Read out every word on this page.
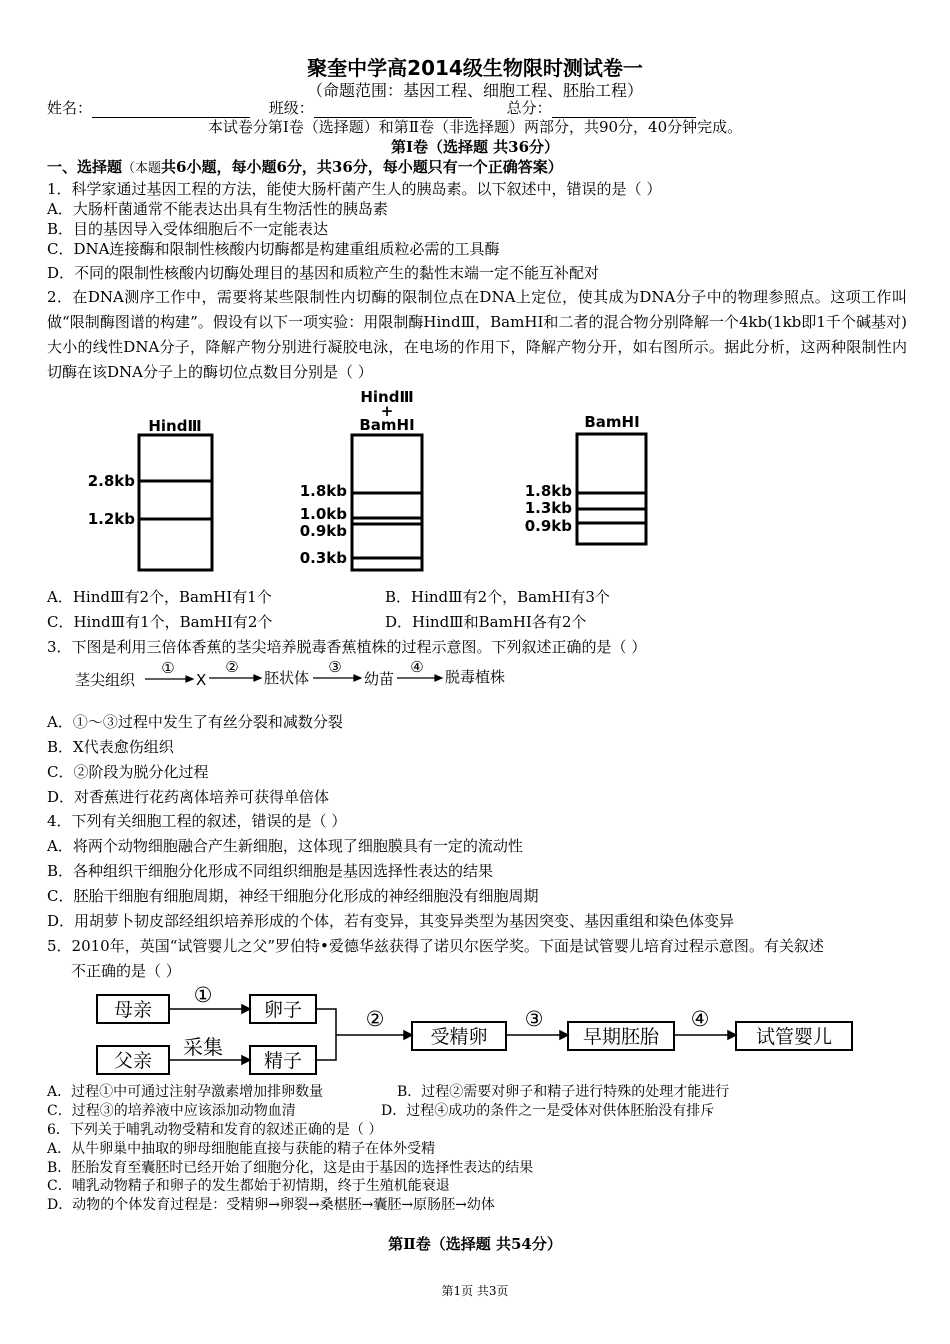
聚奎中学高2014级生物限时测试卷一
（命题范围：基因工程、细胞工程、胚胎工程）
姓名：	班级：	总分：
本试卷分第Ⅰ卷（选择题）和第Ⅱ卷（非选择题）两部分，共90分，40分钟完成。
第Ⅰ卷（选择题 共36分）
一、选择题（本题共6小题，每小题6分，共36分，每小题只有一个正确答案）
1．科学家通过基因工程的方法，能使大肠杆菌产生人的胰岛素。以下叙述中，错误的是（ ）
A．大肠杆菌通常不能表达出具有生物活性的胰岛素
B．目的基因导入受体细胞后不一定能表达
C．DNA连接酶和限制性核酸内切酶都是构建重组质粒必需的工具酶
D．不同的限制性核酸内切酶处理目的基因和质粒产生的黏性末端一定不能互补配对
2．在DNA测序工作中，需要将某些限制性内切酶的限制位点在DNA上定位，使其成为DNA分子中的物理参照点。这项工作叫做“限制酶图谱的构建”。假设有以下一项实验：用限制酶HindⅢ，BamHⅠ和二者的混合物分别降解一个4kb(1kb即1千个碱基对)大小的线性DNA分子，降解产物分别进行凝胶电泳，在电场的作用下，降解产物分开，如右图所示。据此分析，这两种限制性内切酶在该DNA分子上的酶切位点数目分别是（ ）
HindⅢ
HindⅢ
+
BamHI	BamHI
2.8kb
1.2kb
1.8kb
1.0kb
0.9kb
0.3kb
1.8kb
1.3kb
0.9kb
A．HindⅢ有2个，BamHⅠ有1个	B．HindⅢ有2个，BamHⅠ有3个
C．HindⅢ有1个，BamHⅠ有2个	D．HindⅢ和BamHⅠ各有2个
3．下图是利用三倍体香蕉的茎尖培养脱毒香蕉植株的过程示意图。下列叙述正确的是（ ）
茎尖组织	X	胚状体	幼苗	脱毒植株
①	②	③	④
A．①～③过程中发生了有丝分裂和减数分裂
B．X代表愈伤组织
C．②阶段为脱分化过程
D．对香蕉进行花药离体培养可获得单倍体
4．下列有关细胞工程的叙述，错误的是（ ）
A．将两个动物细胞融合产生新细胞，这体现了细胞膜具有一定的流动性
B．各种组织干细胞分化形成不同组织细胞是基因选择性表达的结果
C．胚胎干细胞有细胞周期，神经干细胞分化形成的神经细胞没有细胞周期
D．用胡萝卜韧皮部经组织培养形成的个体，若有变异，其变异类型为基因突变、基因重组和染色体变异
5．2010年，英国“试管婴儿之父”罗伯特•爱德华兹获得了诺贝尔医学奖。下面是试管婴儿培育过程示意图。有关叙述
不正确的是（ ）
母亲
父亲
卵子
精子
受精卵	早期胚胎	试管婴儿
采集
①
②	③	④
A．过程①中可通过注射孕激素增加排卵数量	B．过程②需要对卵子和精子进行特殊的处理才能进行
C．过程③的培养液中应该添加动物血清	D．过程④成功的条件之一是受体对供体胚胎没有排斥
6．下列关于哺乳动物受精和发育的叙述正确的是（ ）
A．从牛卵巢中抽取的卵母细胞能直接与获能的精子在体外受精
B．胚胎发育至囊胚时已经开始了细胞分化，这是由于基因的选择性表达的结果
C．哺乳动物精子和卵子的发生都始于初情期，终于生殖机能衰退
D．动物的个体发育过程是：受精卵→卵裂→桑椹胚→囊胚→原肠胚→幼体
第Ⅱ卷（选择题 共54分）
第1页 共3页
